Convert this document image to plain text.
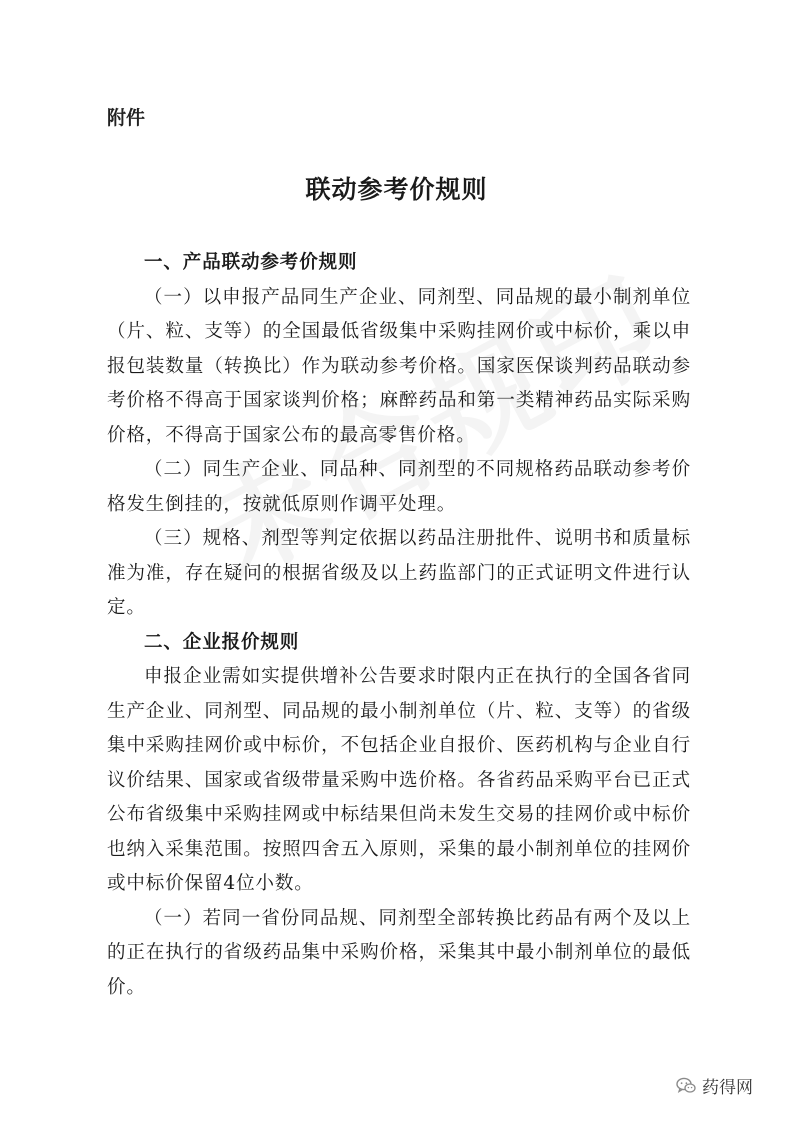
附件
联动参考价规则

一、产品联动参考价规则

（一）以申报产品同生产企业、同剂型、同品规的最小制剂单位（片、粒、支等）的全国最低省级集中采购挂网价或中标价，乘以申报包装数量（转换比）作为联动参考价格。国家医保谈判药品联动参考价格不得高于国家谈判价格；麻醉药品和第一类精神药品实际采购价格，不得高于国家公布的最高零售价格。

（二）同生产企业、同品种、同剂型的不同规格药品联动参考价格发生倒挂的，按就低原则作调平处理。

（三）规格、剂型等判定依据以药品注册批件、说明书和质量标准为准，存在疑问的根据省级及以上药监部门的正式证明文件进行认定。

二、企业报价规则

申报企业需如实提供增补公告要求时限内正在执行的全国各省同生产企业、同剂型、同品规的最小制剂单位（片、粒、支等）的省级集中采购挂网价或中标价，不包括企业自报价、医药机构与企业自行议价结果、国家或省级带量采购中选价格。各省药品采购平台已正式公布省级集中采购挂网或中标结果但尚未发生交易的挂网价或中标价也纳入采集范围。按照四舍五入原则，采集的最小制剂单位的挂网价或中标价保留4位小数。

（一）若同一省份同品规、同剂型全部转换比药品有两个及以上的正在执行的省级药品集中采购价格，采集其中最小制剂单位的最低价。

药得网
